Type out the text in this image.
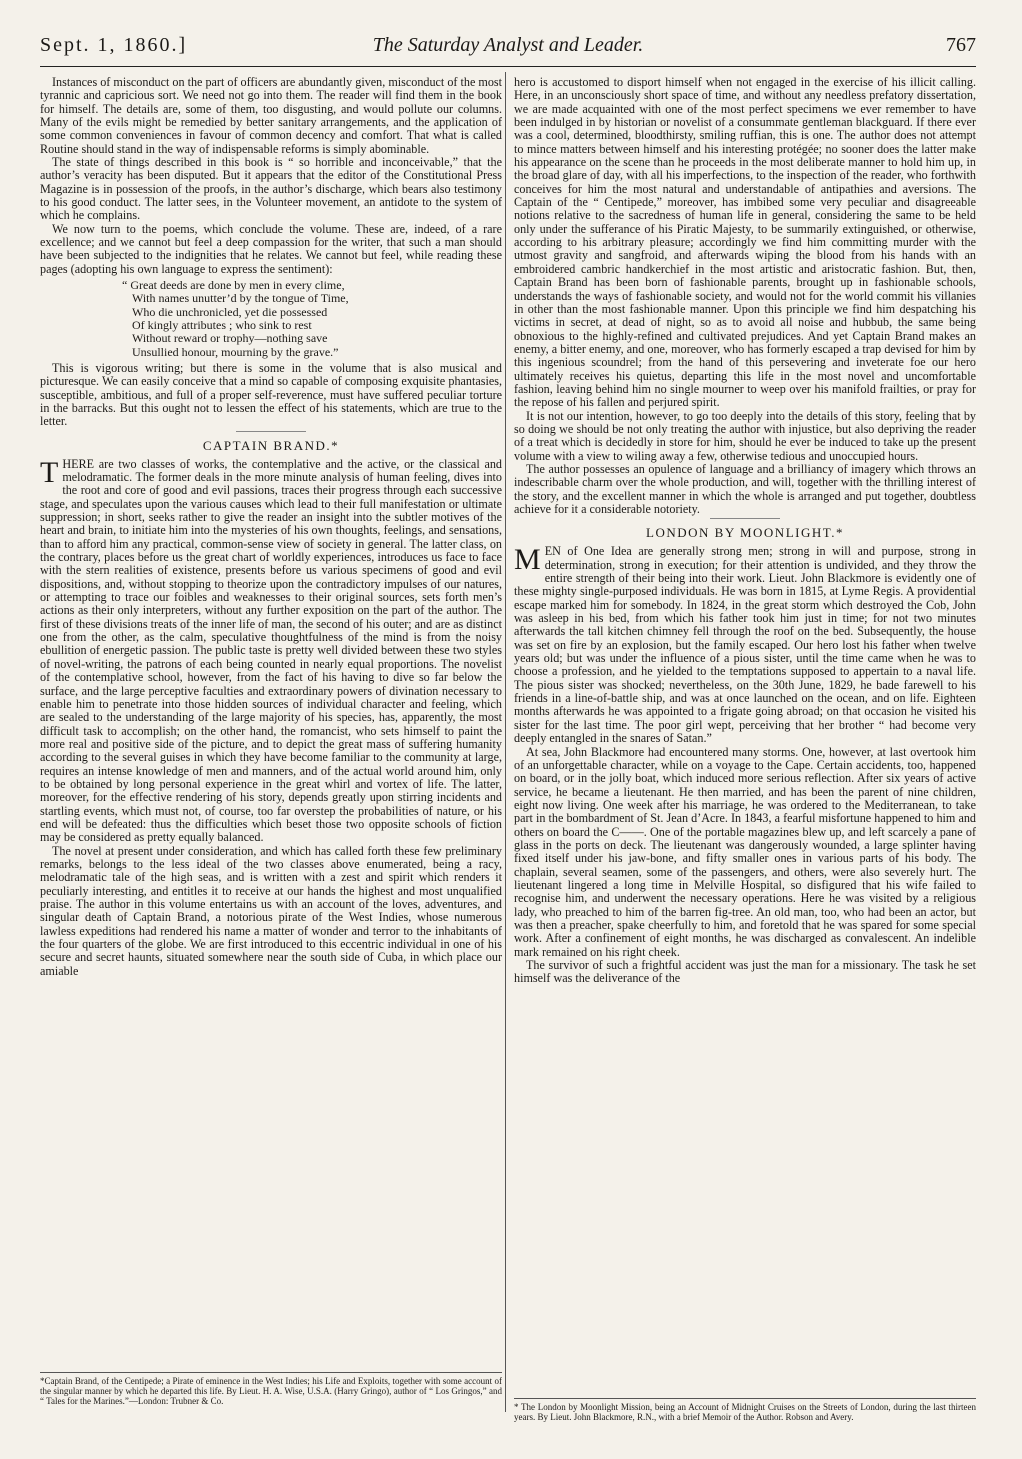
Sept. 1, 1860.]	The Saturday Analyst and Leader.	767

Instances of misconduct on the part of officers are abundantly given, misconduct of the most tyrannic and capricious sort. We need not go into them. The reader will find them in the book for himself. The details are, some of them, too disgusting, and would pollute our columns. Many of the evils might be remedied by better sanitary arrangements, and the application of some common conveniences in favour of common decency and comfort. That what is called Routine should stand in the way of indispensable reforms is simply abominable.

The state of things described in this book is “ so horrible and inconceivable,” that the author’s veracity has been disputed. But it appears that the editor of the Constitutional Press Magazine is in possession of the proofs, in the author’s discharge, which bears also testimony to his good conduct. The latter sees, in the Volunteer movement, an antidote to the system of which he complains.

We now turn to the poems, which conclude the volume. These are, indeed, of a rare excellence; and we cannot but feel a deep compassion for the writer, that such a man should have been subjected to the indignities that he relates. We cannot but feel, while reading these pages (adopting his own language to express the sentiment):

“ Great deeds are done by men in every clime,
With names unutter’d by the tongue of Time,
Who die unchronicled, yet die possessed
Of kingly attributes ; who sink to rest
Without reward or trophy—nothing save
Unsullied honour, mourning by the grave.”

This is vigorous writing; but there is some in the volume that is also musical and picturesque. We can easily conceive that a mind so capable of composing exquisite phantasies, susceptible, ambitious, and full of a proper self-reverence, must have suffered peculiar torture in the barracks. But this ought not to lessen the effect of his statements, which are true to the letter.

CAPTAIN BRAND.*

THERE are two classes of works, the contemplative and the active, or the classical and melodramatic. The former deals in the more minute analysis of human feeling, dives into the root and core of good and evil passions, traces their progress through each successive stage, and speculates upon the various causes which lead to their full manifestation or ultimate suppression; in short, seeks rather to give the reader an insight into the subtler motives of the heart and brain, to initiate him into the mysteries of his own thoughts, feelings, and sensations, than to afford him any practical, common-sense view of society in general. The latter class, on the contrary, places before us the great chart of worldly experiences, introduces us face to face with the stern realities of existence, presents before us various specimens of good and evil dispositions, and, without stopping to theorize upon the contradictory impulses of our natures, or attempting to trace our foibles and weaknesses to their original sources, sets forth men’s actions as their only interpreters, without any further exposition on the part of the author. The first of these divisions treats of the inner life of man, the second of his outer; and are as distinct one from the other, as the calm, speculative thoughtfulness of the mind is from the noisy ebullition of energetic passion. The public taste is pretty well divided between these two styles of novel-writing, the patrons of each being counted in nearly equal proportions. The novelist of the contemplative school, however, from the fact of his having to dive so far below the surface, and the large perceptive faculties and extraordinary powers of divination necessary to enable him to penetrate into those hidden sources of individual character and feeling, which are sealed to the understanding of the large majority of his species, has, apparently, the most difficult task to accomplish; on the other hand, the romancist, who sets himself to paint the more real and positive side of the picture, and to depict the great mass of suffering humanity according to the several guises in which they have become familiar to the community at large, requires an intense knowledge of men and manners, and of the actual world around him, only to be obtained by long personal experience in the great whirl and vortex of life. The latter, moreover, for the effective rendering of his story, depends greatly upon stirring incidents and startling events, which must not, of course, too far overstep the probabilities of nature, or his end will be defeated: thus the difficulties which beset those two opposite schools of fiction may be considered as pretty equally balanced.

The novel at present under consideration, and which has called forth these few preliminary remarks, belongs to the less ideal of the two classes above enumerated, being a racy, melodramatic tale of the high seas, and is written with a zest and spirit which renders it peculiarly interesting, and entitles it to receive at our hands the highest and most unqualified praise. The author in this volume entertains us with an account of the loves, adventures, and singular death of Captain Brand, a notorious pirate of the West Indies, whose numerous lawless expeditions had rendered his name a matter of wonder and terror to the inhabitants of the four quarters of the globe. We are first introduced to this eccentric individual in one of his secure and secret haunts, situated somewhere near the south side of Cuba, in which place our amiable

*Captain Brand, of the Centipede; a Pirate of eminence in the West Indies; his Life and Exploits, together with some account of the singular manner by which he departed this life. By Lieut. H. A. Wise, U.S.A. (Harry Gringo), author of “ Los Gringos,” and “ Tales for the Marines.”—London: Trubner & Co.

hero is accustomed to disport himself when not engaged in the exercise of his illicit calling. Here, in an unconsciously short space of time, and without any needless prefatory dissertation, we are made acquainted with one of the most perfect specimens we ever remember to have been indulged in by historian or novelist of a consummate gentleman blackguard. If there ever was a cool, determined, bloodthirsty, smiling ruffian, this is one. The author does not attempt to mince matters between himself and his interesting protégée; no sooner does the latter make his appearance on the scene than he proceeds in the most deliberate manner to hold him up, in the broad glare of day, with all his imperfections, to the inspection of the reader, who forthwith conceives for him the most natural and understandable of antipathies and aversions. The Captain of the “ Centipede,” moreover, has imbibed some very peculiar and disagreeable notions relative to the sacredness of human life in general, considering the same to be held only under the sufferance of his Piratic Majesty, to be summarily extinguished, or otherwise, according to his arbitrary pleasure; accordingly we find him committing murder with the utmost gravity and sangfroid, and afterwards wiping the blood from his hands with an embroidered cambric handkerchief in the most artistic and aristocratic fashion. But, then, Captain Brand has been born of fashionable parents, brought up in fashionable schools, understands the ways of fashionable society, and would not for the world commit his villanies in other than the most fashionable manner. Upon this principle we find him despatching his victims in secret, at dead of night, so as to avoid all noise and hubbub, the same being obnoxious to the highly-refined and cultivated prejudices. And yet Captain Brand makes an enemy, a bitter enemy, and one, moreover, who has formerly escaped a trap devised for him by this ingenious scoundrel; from the hand of this persevering and inveterate foe our hero ultimately receives his quietus, departing this life in the most novel and uncomfortable fashion, leaving behind him no single mourner to weep over his manifold frailties, or pray for the repose of his fallen and perjured spirit.

It is not our intention, however, to go too deeply into the details of this story, feeling that by so doing we should be not only treating the author with injustice, but also depriving the reader of a treat which is decidedly in store for him, should he ever be induced to take up the present volume with a view to wiling away a few, otherwise tedious and unoccupied hours.

The author possesses an opulence of language and a brilliancy of imagery which throws an indescribable charm over the whole production, and will, together with the thrilling interest of the story, and the excellent manner in which the whole is arranged and put together, doubtless achieve for it a considerable notoriety.

LONDON BY MOONLIGHT.*

MEN of One Idea are generally strong men; strong in will and purpose, strong in determination, strong in execution; for their attention is undivided, and they throw the entire strength of their being into their work. Lieut. John Blackmore is evidently one of these mighty single-purposed individuals. He was born in 1815, at Lyme Regis. A providential escape marked him for somebody. In 1824, in the great storm which destroyed the Cob, John was asleep in his bed, from which his father took him just in time; for not two minutes afterwards the tall kitchen chimney fell through the roof on the bed. Subsequently, the house was set on fire by an explosion, but the family escaped. Our hero lost his father when twelve years old; but was under the influence of a pious sister, until the time came when he was to choose a profession, and he yielded to the temptations supposed to appertain to a naval life. The pious sister was shocked; nevertheless, on the 30th June, 1829, he bade farewell to his friends in a line-of-battle ship, and was at once launched on the ocean, and on life. Eighteen months afterwards he was appointed to a frigate going abroad; on that occasion he visited his sister for the last time. The poor girl wept, perceiving that her brother “ had become very deeply entangled in the snares of Satan.”

At sea, John Blackmore had encountered many storms. One, however, at last overtook him of an unforgettable character, while on a voyage to the Cape. Certain accidents, too, happened on board, or in the jolly boat, which induced more serious reflection. After six years of active service, he became a lieutenant. He then married, and has been the parent of nine children, eight now living. One week after his marriage, he was ordered to the Mediterranean, to take part in the bombardment of St. Jean d’Acre. In 1843, a fearful misfortune happened to him and others on board the C——. One of the portable magazines blew up, and left scarcely a pane of glass in the ports on deck. The lieutenant was dangerously wounded, a large splinter having fixed itself under his jaw-bone, and fifty smaller ones in various parts of his body. The chaplain, several seamen, some of the passengers, and others, were also severely hurt. The lieutenant lingered a long time in Melville Hospital, so disfigured that his wife failed to recognise him, and underwent the necessary operations. Here he was visited by a religious lady, who preached to him of the barren fig-tree. An old man, too, who had been an actor, but was then a preacher, spake cheerfully to him, and foretold that he was spared for some special work. After a confinement of eight months, he was discharged as convalescent. An indelible mark remained on his right cheek.

The survivor of such a frightful accident was just the man for a missionary. The task he set himself was the deliverance of the

* The London by Moonlight Mission, being an Account of Midnight Cruises on the Streets of London, during the last thirteen years. By Lieut. John Blackmore, R.N., with a brief Memoir of the Author. Robson and Avery.
